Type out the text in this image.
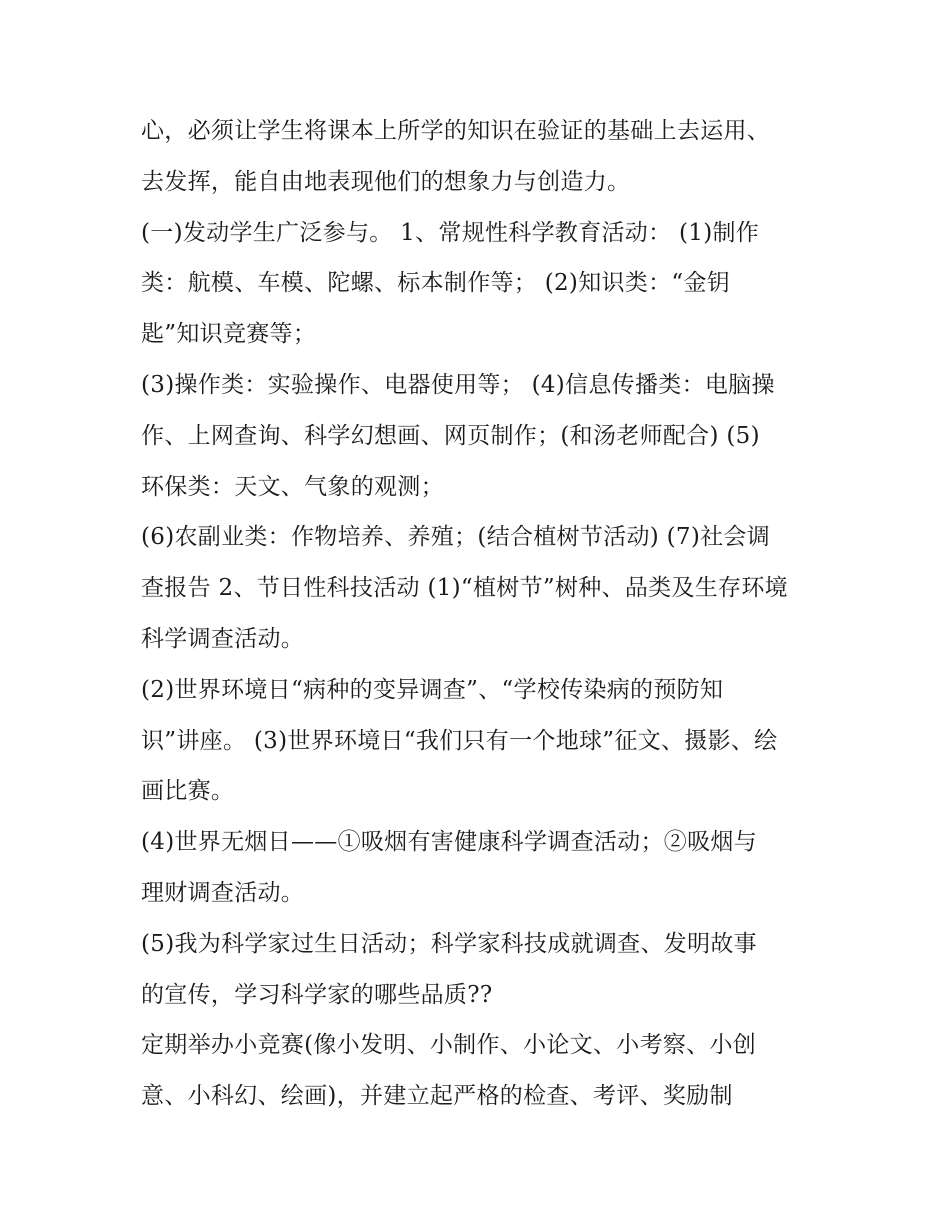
心，必须让学生将课本上所学的知识在验证的基础上去运用、
去发挥，能自由地表现他们的想象力与创造力。
(一)发动学生广泛参与。 1、常规性科学教育活动： (1)制作
类：航模、车模、陀螺、标本制作等； (2)知识类：“金钥
匙”知识竞赛等；
(3)操作类：实验操作、电器使用等； (4)信息传播类：电脑操
作、上网查询、科学幻想画、网页制作；(和汤老师配合) (5)
环保类：天文、气象的观测；
(6)农副业类：作物培养、养殖；(结合植树节活动) (7)社会调
查报告 2、节日性科技活动 (1)“植树节”树种、品类及生存环境
科学调查活动。
(2)世界环境日“病种的变异调查”、“学校传染病的预防知
识”讲座。 (3)世界环境日“我们只有一个地球”征文、摄影、绘
画比赛。
(4)世界无烟日——①吸烟有害健康科学调查活动；②吸烟与
理财调查活动。
(5)我为科学家过生日活动；科学家科技成就调查、发明故事
的宣传，学习科学家的哪些品质??
定期举办小竞赛(像小发明、小制作、小论文、小考察、小创
意、小科幻、绘画)，并建立起严格的检查、考评、奖励制
